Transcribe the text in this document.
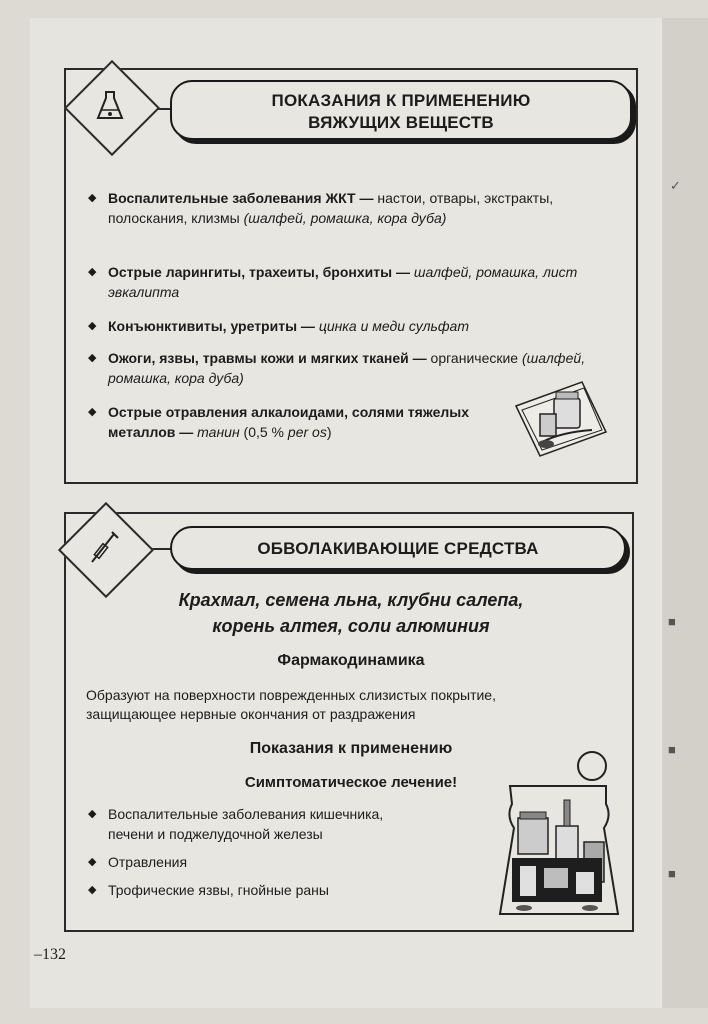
✓
■
■
■
ПОКАЗАНИЯ К ПРИМЕНЕНИЮ
ВЯЖУЩИХ ВЕЩЕСТВ
◆ Воспалительные заболевания ЖКТ — настои, отвары, экстракты, полоскания, клизмы (шалфей, ромашка, кора дуба)
◆ Острые ларингиты, трахеиты, бронхиты — шалфей, ромашка, лист эвкалипта
◆ Конъюнктивиты, уретриты — цинка и меди сульфат
◆ Ожоги, язвы, травмы кожи и мягких тканей — органические (шалфей, ромашка, кора дуба)
◆ Острые отравления алкалоидами, солями тяжелых металлов — танин (0,5 % per os)
ОБВОЛАКИВАЮЩИЕ СРЕДСТВА
Крахмал, семена льна, клубни салепа,
корень алтея, соли алюминия
Фармакодинамика
Образуют на поверхности поврежденных слизистых покрытие,
защищающее нервные окончания от раздражения
Показания к применению
Симптоматическое лечение!
◆ Воспалительные заболевания кишечника,
печени и поджелудочной железы
◆ Отравления
◆ Трофические язвы, гнойные раны
–132
